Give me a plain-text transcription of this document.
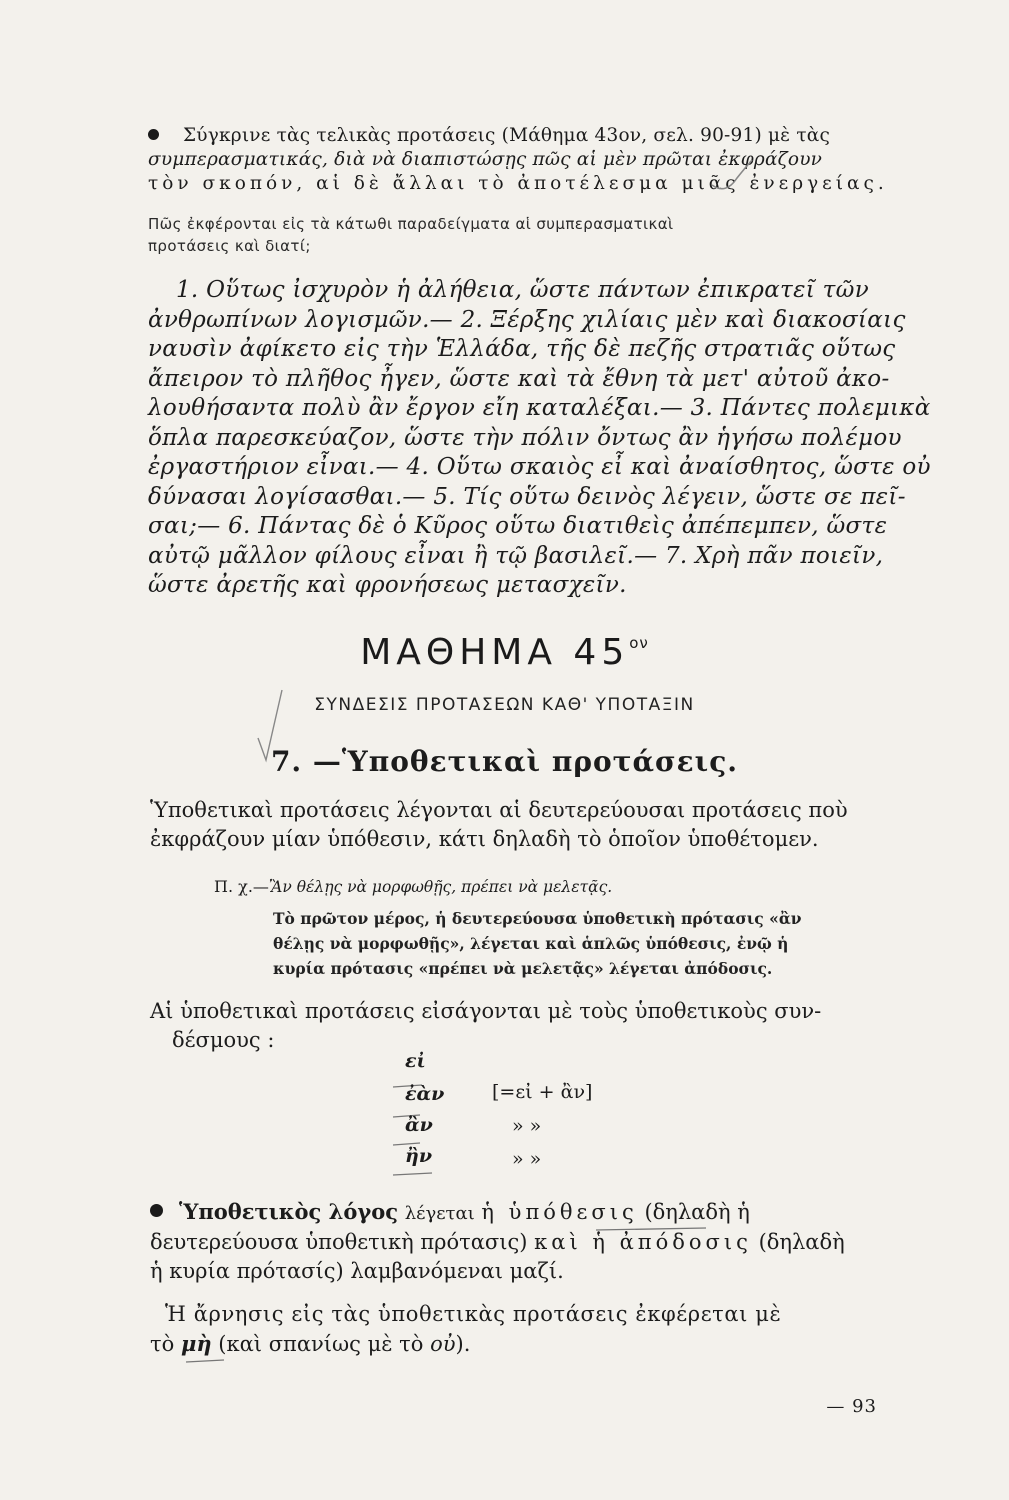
Σύγκρινε τὰς τελικὰς προτάσεις (Μάθημα 43ον, σελ. 90-91) μὲ τὰς
συμπερασματικάς, διὰ νὰ διαπιστώσῃς πῶς αἱ μὲν πρῶται ἐκφράζουν
τὸν σκοπόν, αἱ δὲ ἄλλαι τὸ ἀποτέλεσμα μιᾶς ἐνεργείας.
Πῶς ἐκφέρονται εἰς τὰ κάτωθι παραδείγματα αἱ συμπερασματικαὶ
προτάσεις καὶ διατί;
1. Οὕτως ἰσχυρὸν ἡ ἀλήθεια, ὥστε πάντων ἐπικρατεῖ τῶν
ἀνθρωπίνων λογισμῶν.— 2. Ξέρξης χιλίαις μὲν καὶ διακοσίαις
ναυσὶν ἀφίκετο εἰς τὴν Ἑλλάδα, τῆς δὲ πεζῆς στρατιᾶς οὕτως
ἄπειρον τὸ πλῆθος ἦγεν, ὥστε καὶ τὰ ἔθνη τὰ μετ' αὐτοῦ ἀκο-
λουθήσαντα πολὺ ἂν ἔργον εἴη καταλέξαι.— 3. Πάντες πολεμικὰ
ὅπλα παρεσκεύαζον, ὥστε τὴν πόλιν ὄντως ἂν ἡγήσω πολέμου
ἐργαστήριον εἶναι.— 4. Οὕτω σκαιὸς εἶ καὶ ἀναίσθητος, ὥστε οὐ
δύνασαι λογίσασθαι.— 5. Τίς οὕτω δεινὸς λέγειν, ὥστε σε πεῖ-
σαι;— 6. Πάντας δὲ ὁ Κῦρος οὕτω διατιθεὶς ἀπέπεμπεν, ὥστε
αὐτῷ μᾶλλον φίλους εἶναι ἢ τῷ βασιλεῖ.— 7. Χρὴ πᾶν ποιεῖν,
ὥστε ἀρετῆς καὶ φρονήσεως μετασχεῖν.
ΜΑΘΗΜΑ $45^{o\nu}$
ΣΥΝΔΕΣΙΣ ΠΡΟΤΑΣΕΩΝ ΚΑΘ' ΥΠΟΤΑΞΙΝ
7. —Ὑποθετικαὶ προτάσεις.
Ὑποθετικαὶ προτάσεις λέγονται αἱ δευτερεύουσαι προτάσεις ποὺ
ἐκφράζουν μίαν ὑπόθεσιν, κάτι δηλαδὴ τὸ ὁποῖον ὑποθέτομεν.
Π. χ.—Ἂν θέλῃς νὰ μορφωθῇς, πρέπει νὰ μελετᾷς.
Τὸ πρῶτον μέρος, ἡ δευτερεύουσα ὑποθετικὴ πρότασις «ἂν
θέλῃς νὰ μορφωθῇς», λέγεται καὶ ἁπλῶς ὑπόθεσις, ἐνῷ ἡ
κυρία πρότασις «πρέπει νὰ μελετᾷς» λέγεται ἀπόδοσις.
Αἱ ὑποθετικαὶ προτάσεις εἰσάγονται μὲ τοὺς ὑποθετικοὺς συν-
δέσμους :
εἰ
ἐὰν
ἂν
ἢν
[=εἰ + ἂν]
» »
» »
Ὑποθετικὸς λόγος λέγεται ἡ ὑπόθεσις (δηλαδὴ ἡ
δευτερεύουσα ὑποθετικὴ πρότασις) καὶ ἡ ἀπόδοσις (δηλαδὴ
ἡ κυρία πρότασίς) λαμβανόμεναι μαζί.
Ἡ ἄρνησις εἰς τὰς ὑποθετικὰς προτάσεις ἐκφέρεται μὲ
τὸ μὴ (καὶ σπανίως μὲ τὸ οὐ).
— 93
